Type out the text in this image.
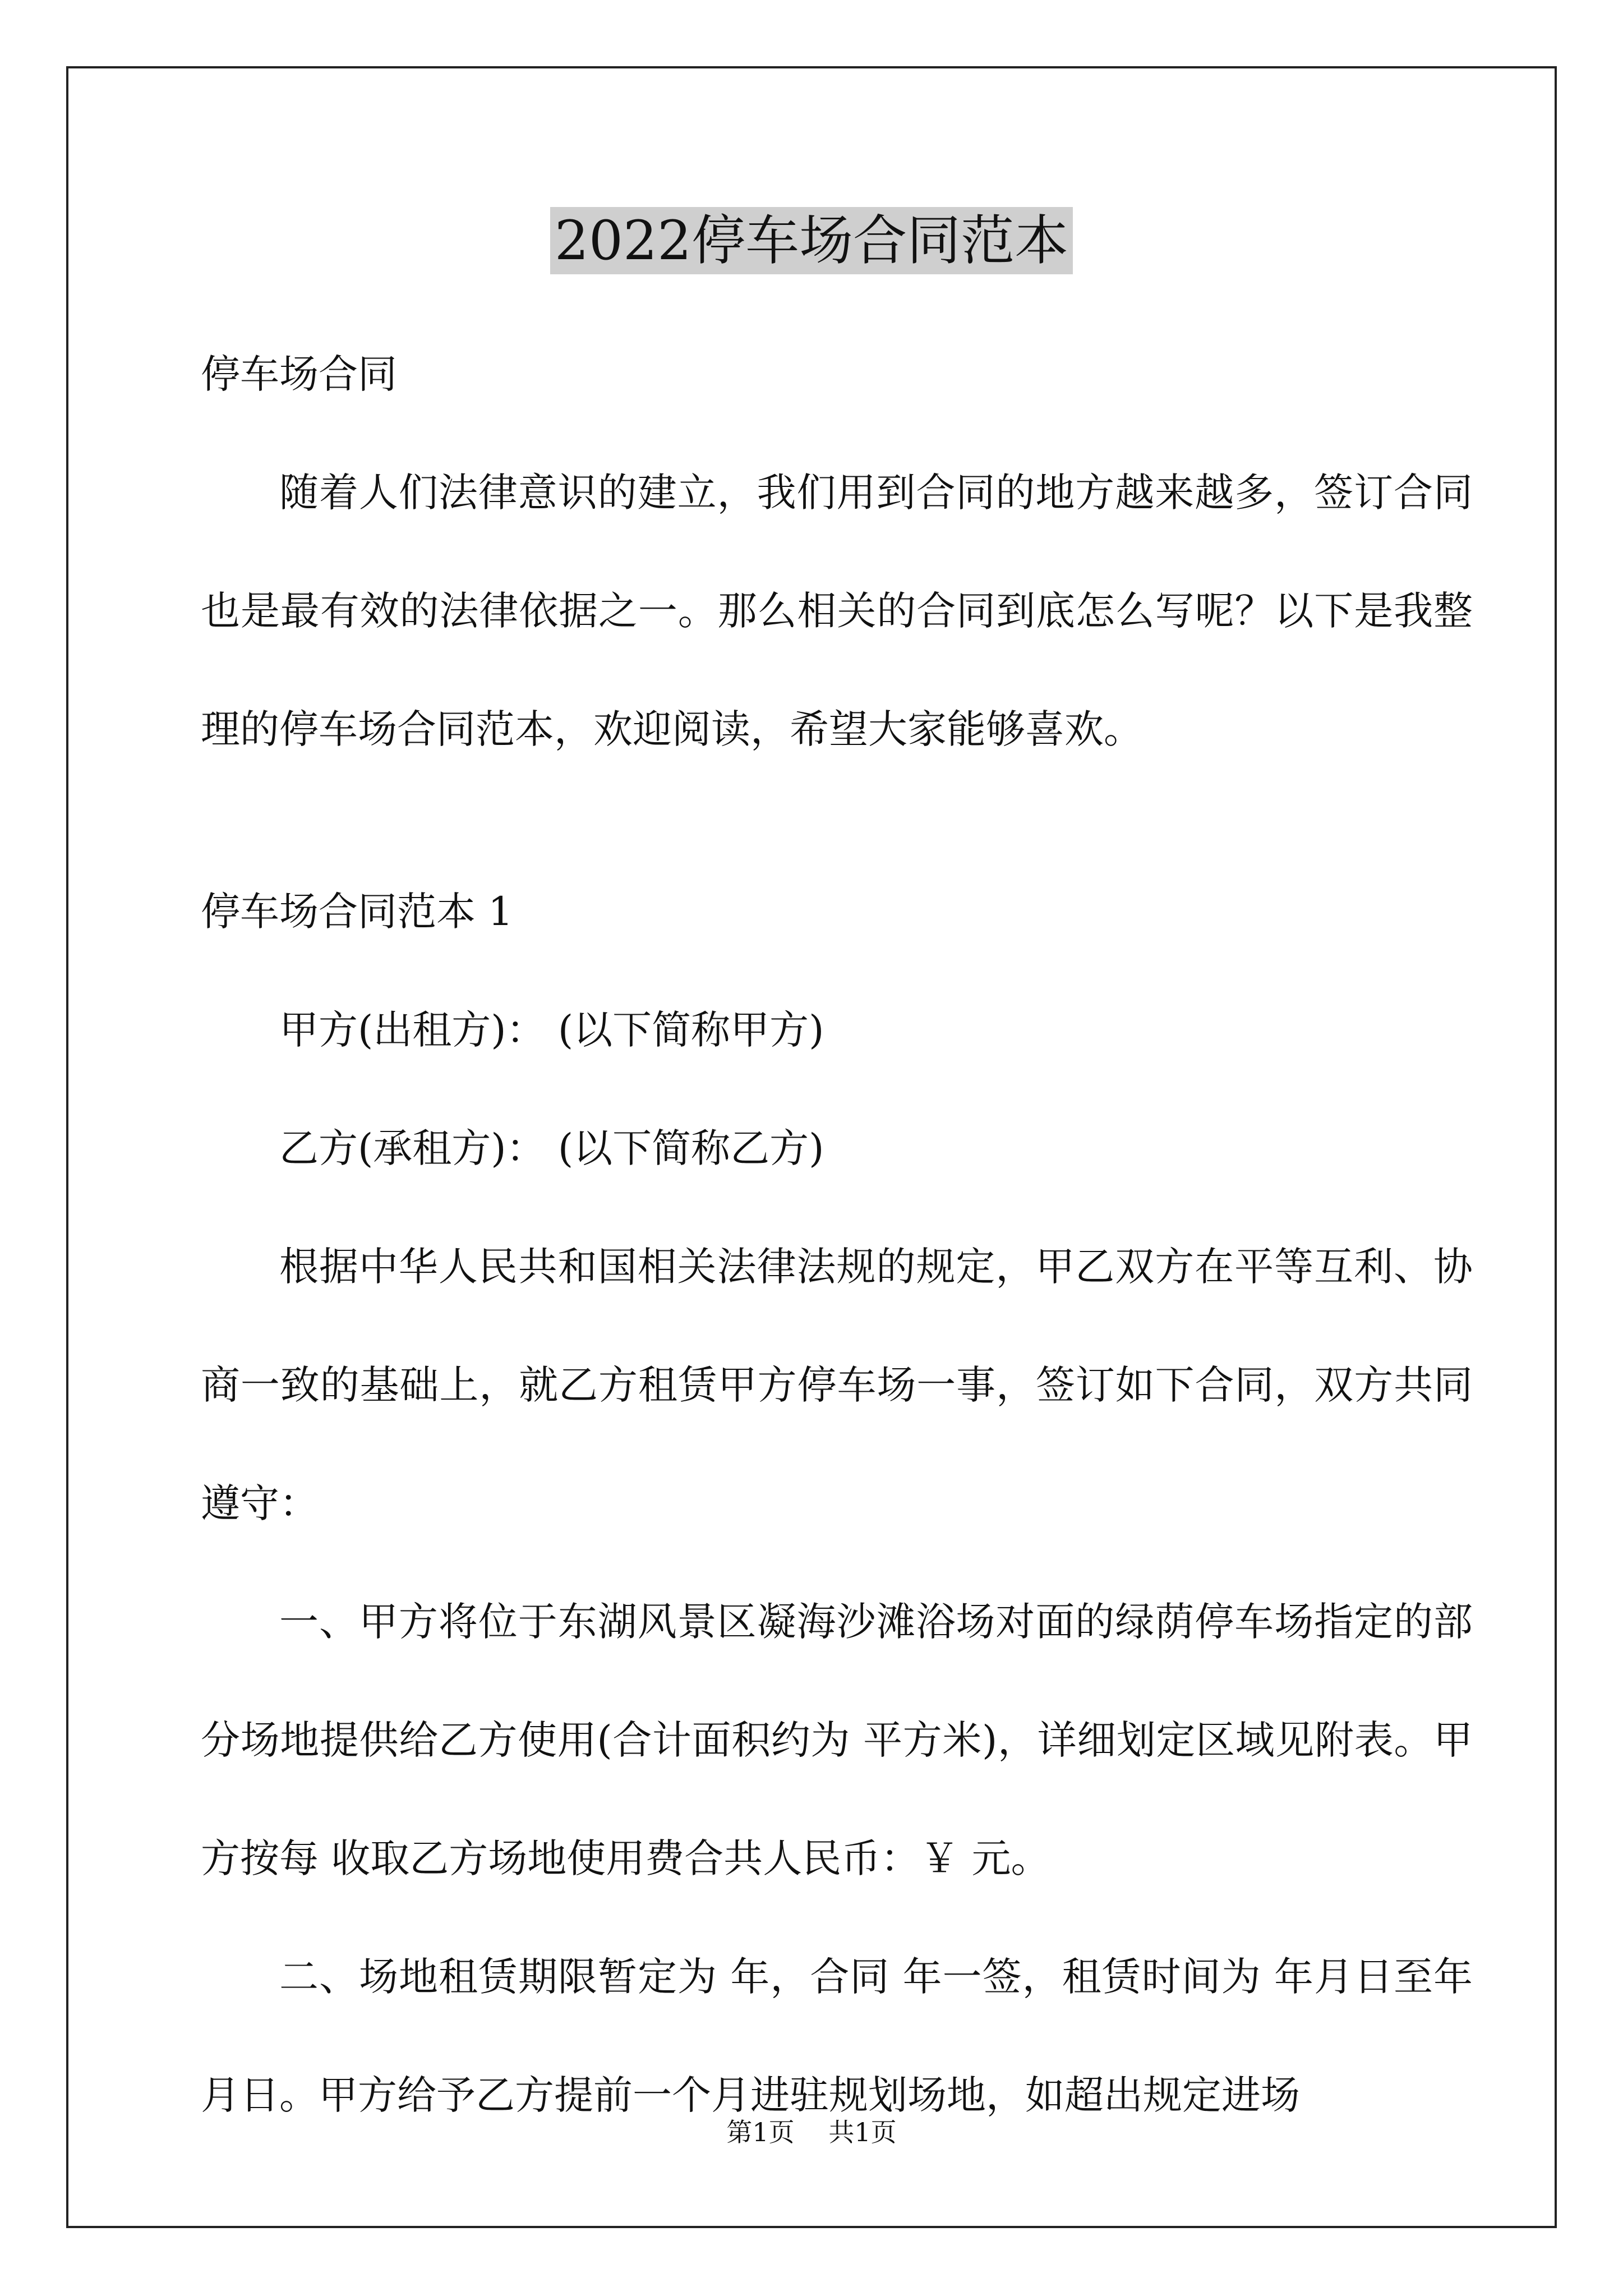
2022停车场合同范本

停车场合同

随着人们法律意识的建立，我们用到合同的地方越来越多，签订合同也是最有效的法律依据之一。那么相关的合同到底怎么写呢？以下是我整理的停车场合同范本，欢迎阅读，希望大家能够喜欢。

停车场合同范本 1

甲方(出租方)： (以下简称甲方)

乙方(承租方)： (以下简称乙方)

根据中华人民共和国相关法律法规的规定，甲乙双方在平等互利、协商一致的基础上，就乙方租赁甲方停车场一事，签订如下合同，双方共同遵守：

一、甲方将位于东湖风景区凝海沙滩浴场对面的绿荫停车场指定的部分场地提供给乙方使用(合计面积约为 平方米)，详细划定区域见附表。甲方按每 收取乙方场地使用费合共人民币：￥ 元。

二、场地租赁期限暂定为 年，合同 年一签，租赁时间为 年月日至年月日。甲方给予乙方提前一个月进驻规划场地，如超出规定进场

第1页 共1页
